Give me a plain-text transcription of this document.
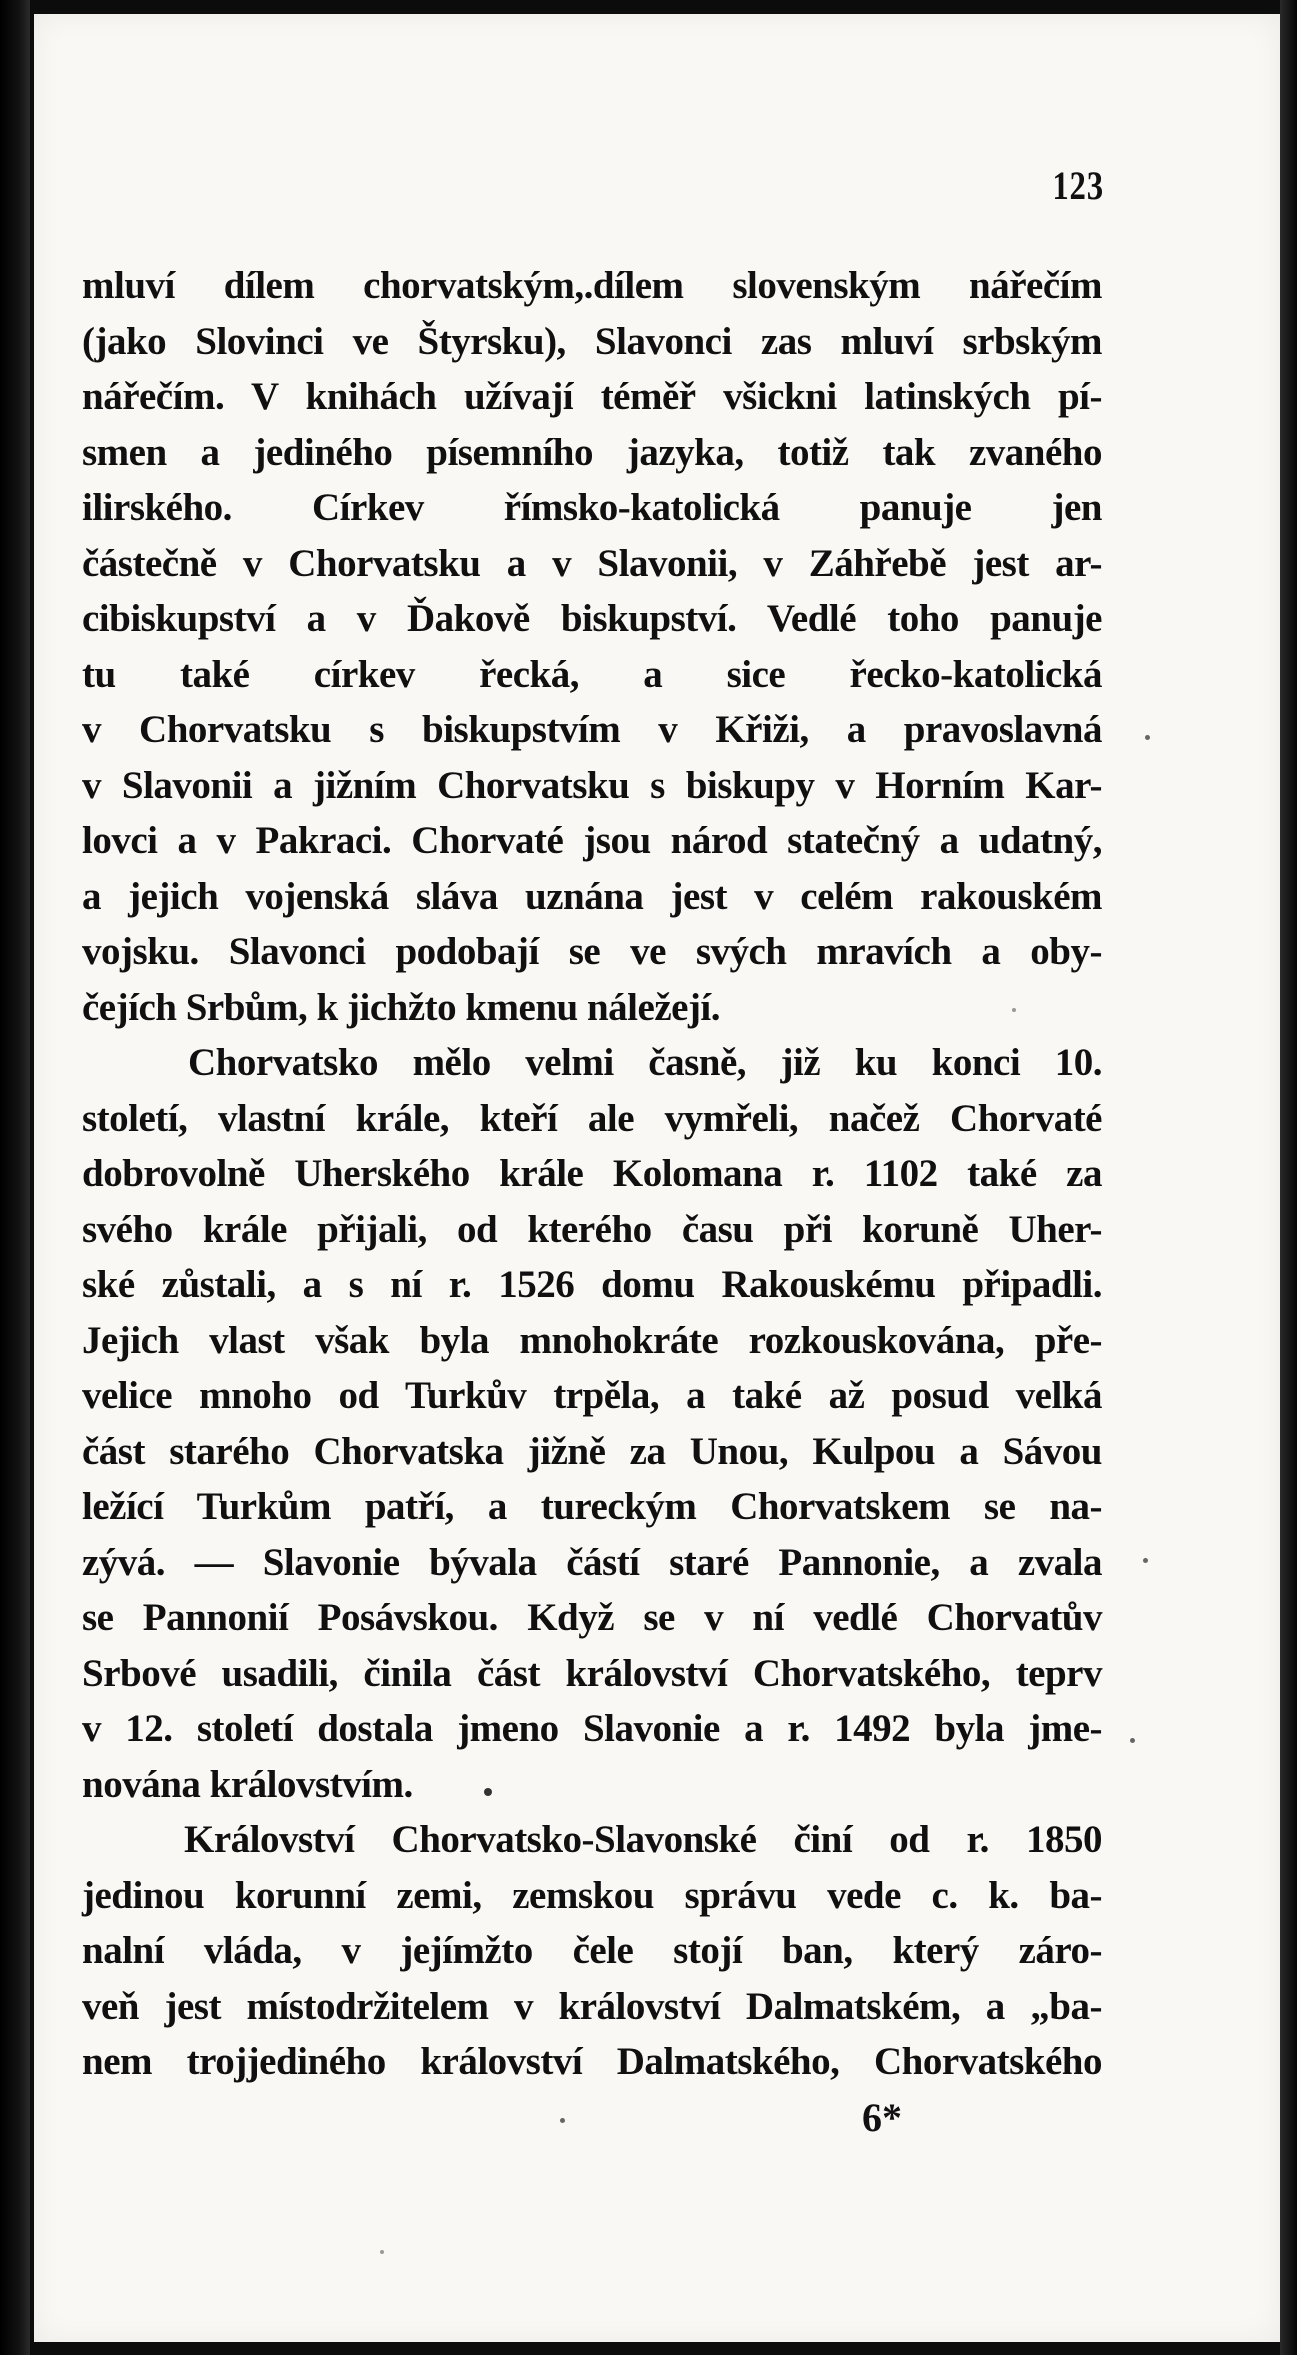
123
mluví dílem chorvatským,.dílem slovenským nářečím
(jako Slovinci ve Štyrsku), Slavonci zas mluví srbským
nářečím. V knihách užívají téměř všickni latinských pí-
smen a jediného písemního jazyka, totiž tak zvaného
ilirského. Církev římsko-katolická panuje jen
částečně v Chorvatsku a v Slavonii, v Záhřebě jest ar-
cibiskupství a v Ďakově biskupství. Vedlé toho panuje
tu také církev řecká, a sice řecko-katolická
v Chorvatsku s biskupstvím v Křiži, a pravoslavná
v Slavonii a jižním Chorvatsku s biskupy v Horním Kar-
lovci a v Pakraci. Chorvaté jsou národ statečný a udatný,
a jejich vojenská sláva uznána jest v celém rakouském
vojsku. Slavonci podobají se ve svých mravích a oby-
čejích Srbům, k jichžto kmenu náležejí.
Chorvatsko mělo velmi časně, již ku konci 10.
století, vlastní krále, kteří ale vymřeli, načež Chorvaté
dobrovolně Uherského krále Kolomana r. 1102 také za
svého krále přijali, od kterého času při koruně Uher-
ské zůstali, a s ní r. 1526 domu Rakouskému připadli.
Jejich vlast však byla mnohokráte rozkouskována, pře-
velice mnoho od Turkův trpěla, a také až posud velká
část starého Chorvatska jižně za Unou, Kulpou a Sávou
ležící Turkům patří, a tureckým Chorvatskem se na-
zývá. — Slavonie bývala částí staré Pannonie, a zvala
se Pannonií Posávskou. Když se v ní vedlé Chorvatův
Srbové usadili, činila část království Chorvatského, teprv
v 12. století dostala jmeno Slavonie a r. 1492 byla jme-
nována královstvím.
Království Chorvatsko-Slavonské činí od r. 1850
jedinou korunní zemi, zemskou správu vede c. k. ba-
nalní vláda, v jejímžto čele stojí ban, který záro-
veň jest místodržitelem v království Dalmatském, a „ba-
nem trojjediného království Dalmatského, Chorvatského
6*
